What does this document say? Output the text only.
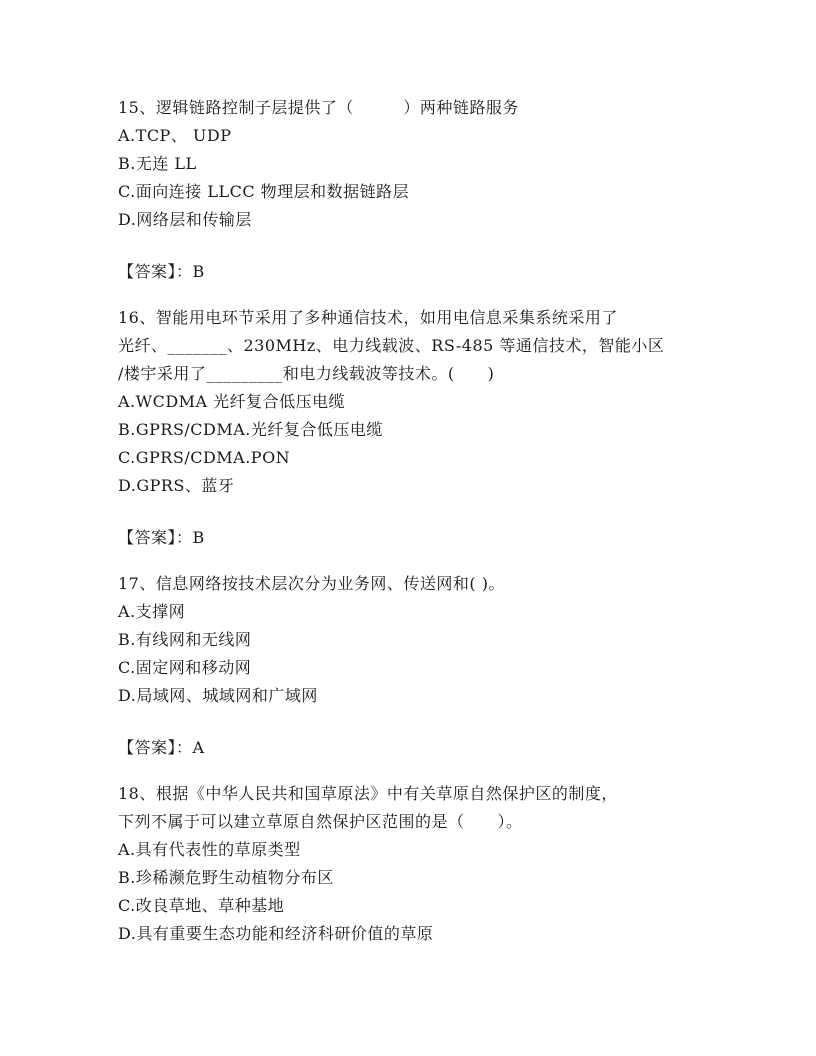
15、逻辑链路控制子层提供了（　　　）两种链路服务
A.TCP、 UDP
B.无连 LL
C.面向连接 LLCC 物理层和数据链路层
D.网络层和传输层
【答案】：B
16、智能用电环节采用了多种通信技术，如用电信息采集系统采用了
光纤、_______、230MHz、电力线载波、RS-485 等通信技术，智能小区
/楼宇采用了_________和电力线载波等技术。(　　)
A.WCDMA 光纤复合低压电缆
B.GPRS/CDMA.光纤复合低压电缆
C.GPRS/CDMA.PON
D.GPRS、蓝牙
【答案】：B
17、信息网络按技术层次分为业务网、传送网和( )。
A.支撑网
B.有线网和无线网
C.固定网和移动网
D.局域网、城域网和广域网
【答案】：A
18、根据《中华人民共和国草原法》中有关草原自然保护区的制度，
下列不属于可以建立草原自然保护区范围的是（　　）。
A.具有代表性的草原类型
B.珍稀濒危野生动植物分布区
C.改良草地、草种基地
D.具有重要生态功能和经济科研价值的草原
